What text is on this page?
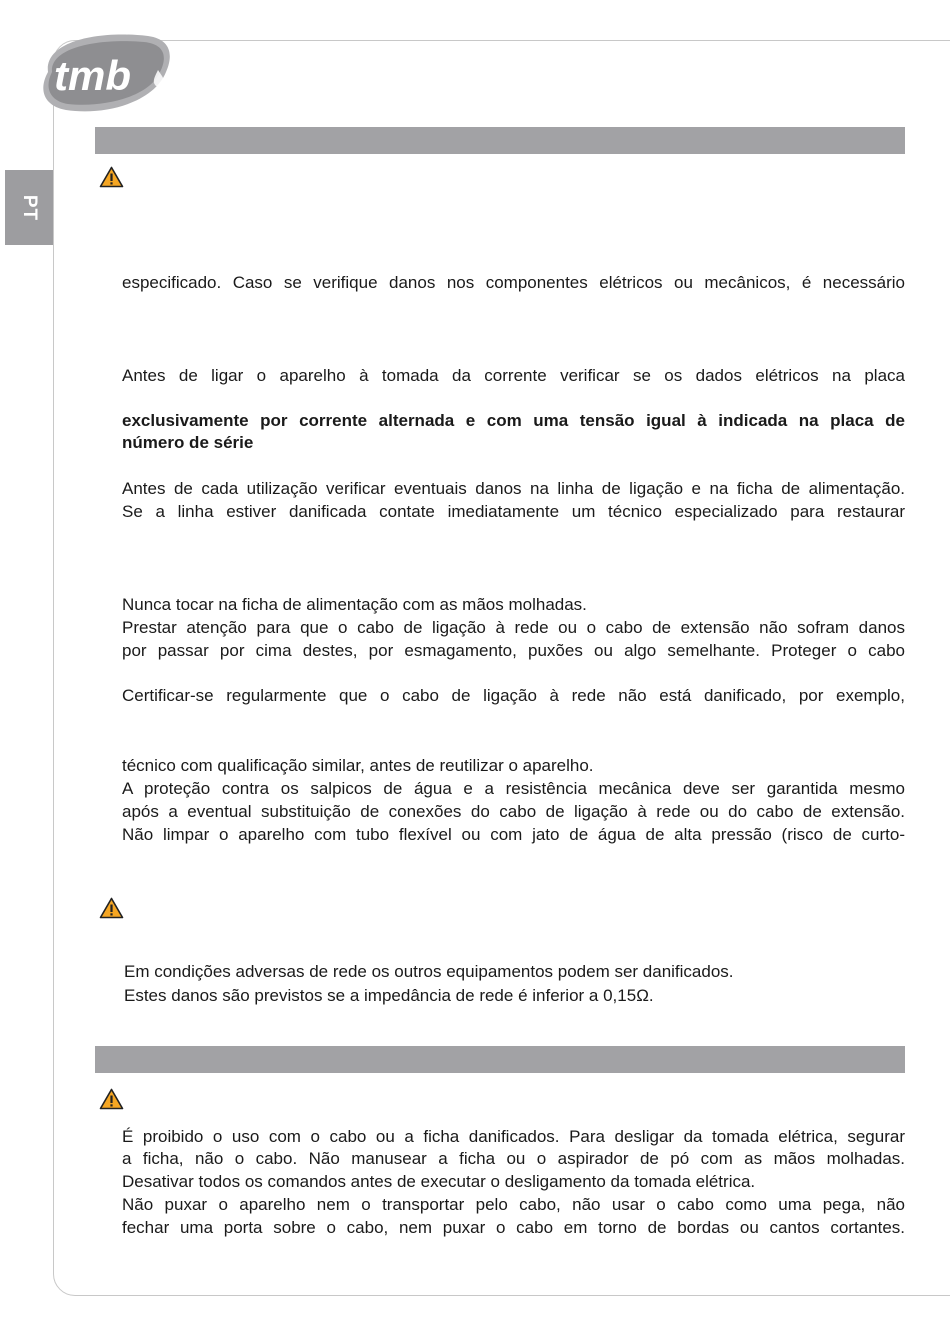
tmb
PT

especificado. Caso se verifique danos nos componentes elétricos ou mecânicos, é necessário

Antes de ligar o aparelho à tomada da corrente verificar se os dados elétricos na placa

exclusivamente por corrente alternada e com uma tensão igual à indicada na placa de

número de série

Antes de cada utilização verificar eventuais danos na linha de ligação e na ficha de alimentação.

Se a linha estiver danificada contate imediatamente um técnico especializado para restaurar

Nunca tocar na ficha de alimentação com as mãos molhadas.

Prestar atenção para que o cabo de ligação à rede ou o cabo de extensão não sofram danos

por passar por cima destes, por esmagamento, puxões ou algo semelhante. Proteger o cabo

Certificar-se regularmente que o cabo de ligação à rede não está danificado, por exemplo,

técnico com qualificação similar, antes de reutilizar o aparelho.

A proteção contra os salpicos de água e a resistência mecânica deve ser garantida mesmo

após a eventual substituição de conexões do cabo de ligação à rede ou do cabo de extensão.

Não limpar o aparelho com tubo flexível ou com jato de água de alta pressão (risco de curto-

Em condições adversas de rede os outros equipamentos podem ser danificados.

Estes danos são previstos se a impedância de rede é inferior a 0,15Ω.

É proibido o uso com o cabo ou a ficha danificados. Para desligar da tomada elétrica, segurar

a ficha, não o cabo. Não manusear a ficha ou o aspirador de pó com as mãos molhadas.

Desativar todos os comandos antes de executar o desligamento da tomada elétrica.

Não puxar o aparelho nem o transportar pelo cabo, não usar o cabo como uma pega, não

fechar uma porta sobre o cabo, nem puxar o cabo em torno de bordas ou cantos cortantes.
